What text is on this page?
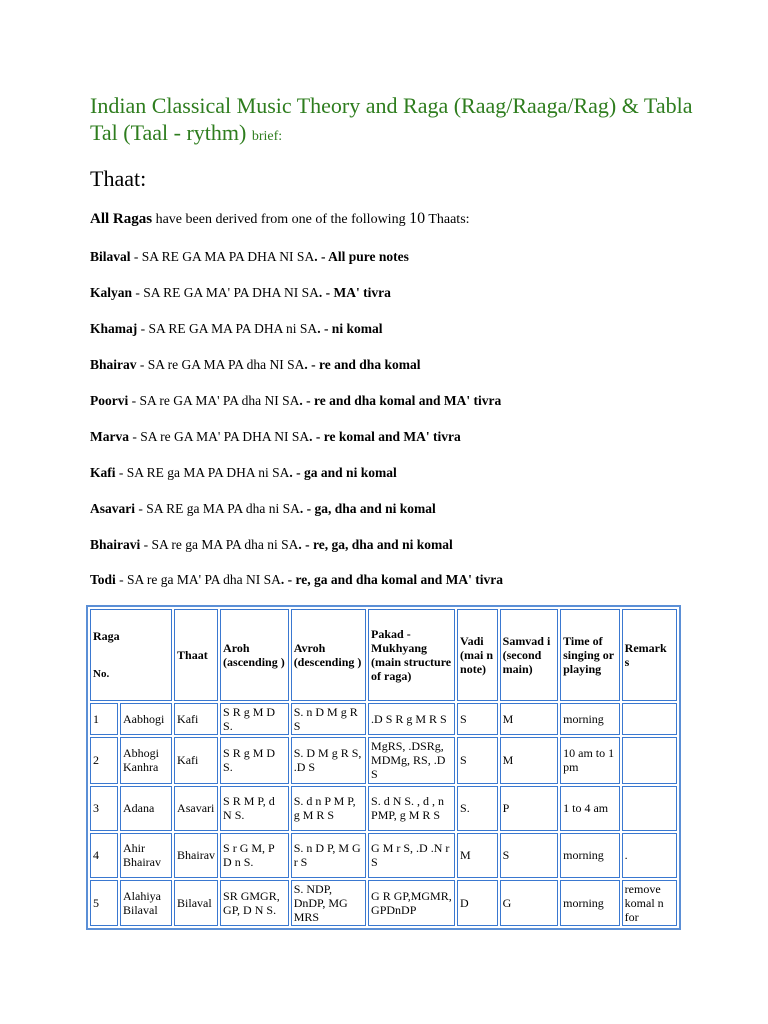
Indian Classical Music Theory and Raga (Raag/Raaga/Rag) & Tabla Tal (Taal - rythm) brief:
Thaat:
All Ragas have been derived from one of the following 10 Thaats:
Bilaval - SA RE GA MA PA DHA NI SA. - All pure notes
Kalyan - SA RE GA MA' PA DHA NI SA. - MA' tivra
Khamaj - SA RE GA MA PA DHA ni SA. - ni komal
Bhairav - SA re GA MA PA dha NI SA. - re and dha komal
Poorvi - SA re GA MA' PA dha NI SA. - re and dha komal and MA' tivra
Marva - SA re GA MA' PA DHA NI SA. - re komal and MA' tivra
Kafi - SA RE ga MA PA DHA ni SA. - ga and ni komal
Asavari - SA RE ga MA PA dha ni SA. - ga, dha and ni komal
Bhairavi - SA re ga MA PA dha ni SA. - re, ga, dha and ni komal
Todi - SA re ga MA' PA dha NI SA. - re, ga and dha komal and MA' tivra
Raga
No.		Thaat	Aroh (ascending )	Avroh (descending )	Pakad - Mukhyang (main structure of raga)	Vadi (mai n note)	Samvad i (second main)	Time of singing or playing	Remark s
1	Aabhogi	Kafi	S R g M D S.	S. n D M g R S	.D S R g M R S	S	M	morning	
2	Abhogi Kanhra	Kafi	S R g M D S.	S. D M g R S, .D S	MgRS, .DSRg, MDMg, RS, .D S	S	M	10 am to 1 pm	
3	Adana	Asavari	S R M P, d N S.	S. d n P M P, g M R S	S. d N S. , d , n PMP, g M R S	S.	P	1 to 4 am	
4	Ahir Bhairav	Bhairav	S r G M, P D n S.	S. n D P, M G r S	G M r S, .D .N r S	M	S	morning	.
5	Alahiya Bilaval	Bilaval	SR GMGR, GP, D N S.	S. NDP, DnDP, MG MRS	G R GP,MGMR, GPDnDP	D	G	morning	remove komal n for
